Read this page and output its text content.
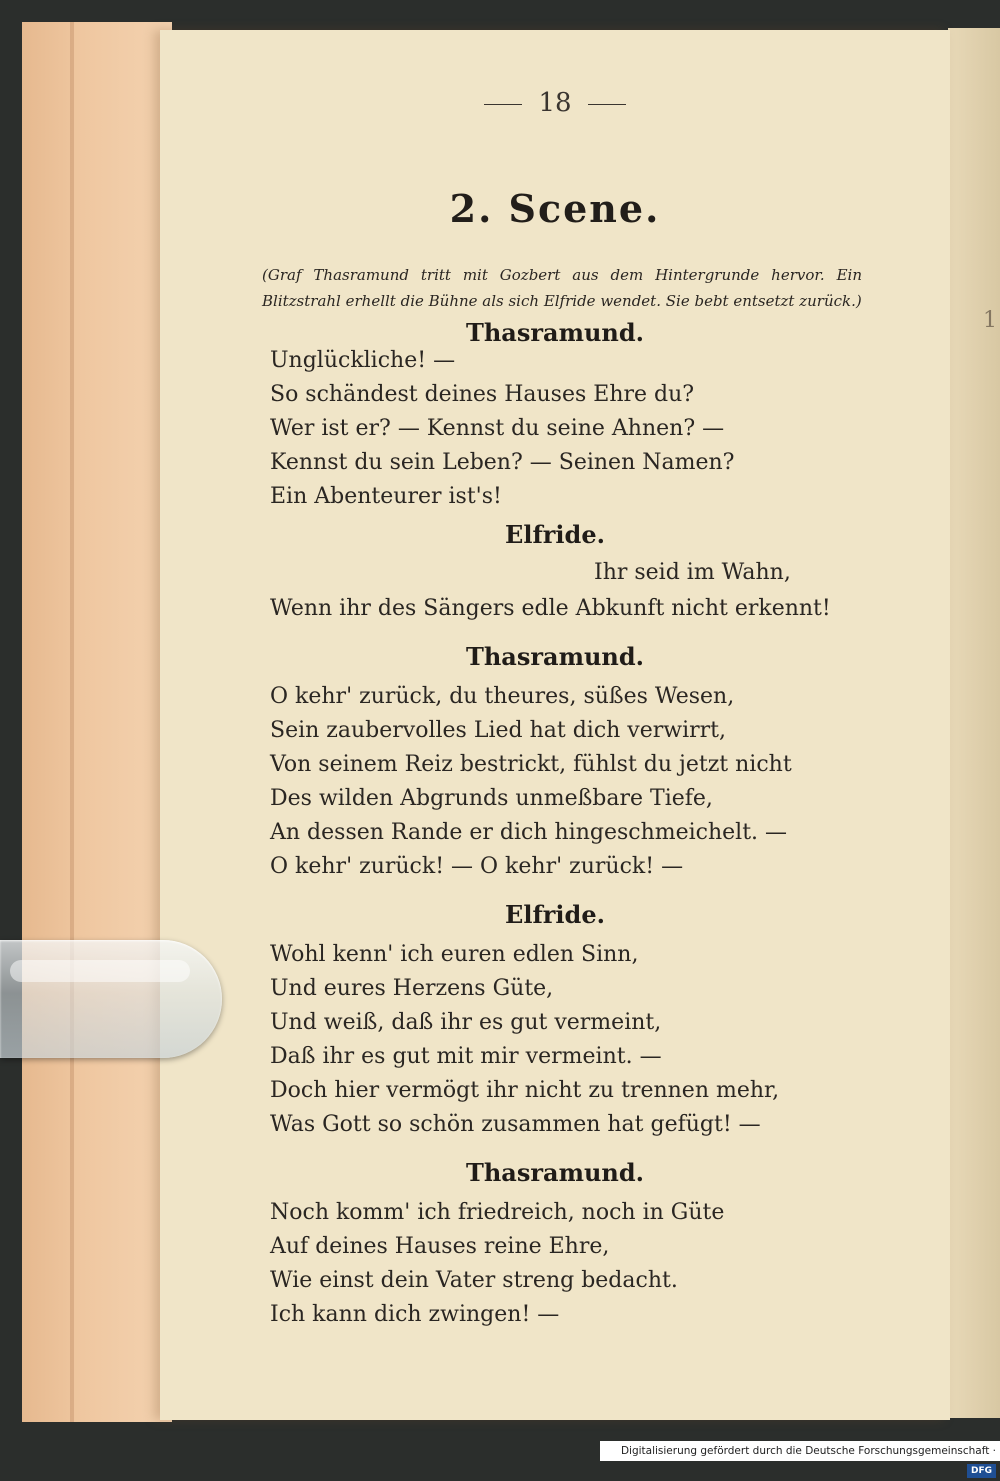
1
18
2. Scene.
(Graf Thasramund tritt mit Gozbert aus dem Hintergrunde hervor. Ein Blitzstrahl erhellt die Bühne als sich Elfride wendet. Sie bebt entsetzt zurück.)
Thasramund.
Unglückliche! —
So schändest deines Hauses Ehre du?
Wer ist er? — Kennst du seine Ahnen? —
Kennst du sein Leben? — Seinen Namen?
Ein Abenteurer ist's!
Elfride.
Ihr seid im Wahn,
Wenn ihr des Sängers edle Abkunft nicht erkennt!
Thasramund.
O kehr' zurück, du theures, süßes Wesen,
Sein zaubervolles Lied hat dich verwirrt,
Von seinem Reiz bestrickt, fühlst du jetzt nicht
Des wilden Abgrunds unmeßbare Tiefe,
An dessen Rande er dich hingeschmeichelt. —
O kehr' zurück! — O kehr' zurück! —
Elfride.
Wohl kenn' ich euren edlen Sinn,
Und eures Herzens Güte,
Und weiß, daß ihr es gut vermeint,
Daß ihr es gut mit mir vermeint. —
Doch hier vermögt ihr nicht zu trennen mehr,
Was Gott so schön zusammen hat gefügt! —
Thasramund.
Noch komm' ich friedreich, noch in Güte
Auf deines Hauses reine Ehre,
Wie einst dein Vater streng bedacht.
Ich kann dich zwingen! —
Digitalisierung gefördert durch die Deutsche Forschungsgemeinschaft ·DFG
